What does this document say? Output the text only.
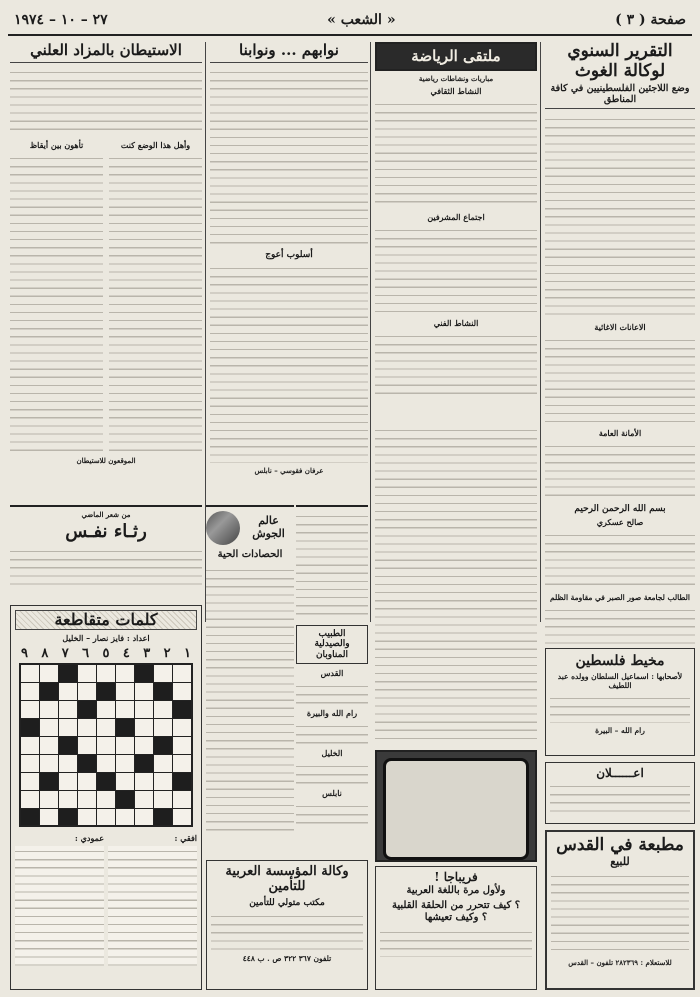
صفحة ( ٣ )
« الشعب »
٢٧ – ١٠ – ١٩٧٤
التقرير السنوي لوكالة الغوث
وضع اللاجئين الفلسطينيين في كافة المناطق
الاعانات الاغاثية
الأمانة العامة
بسم الله الرحمن الرحيم
صالح عسكري
الطالب لجامعة صور الصبر في مقاومة الظلم
ملتقى الرياضة
مباريات ونشاطات رياضية
النشاط الثقافي
اجتماع المشرفين
النشاط الفني
نوابهم ... ونوابنا
أسلوب أعوج
عرفان فقوسي – نابلس
الاستيطان بالمزاد العلني
وأهل هذا الوضع كنت
تأهون بين أيقاظ
الموقعون للاستيطان
من شعر الماضي
رثـاء نفـس
كلمات متقاطعة
اعداد : فايز نصار – الخليل
٩ ٨ ٧ ٦ ٥ ٤ ٣ ٢ ١
افقي :
عمودي :
عالم الجوش
الحصادات الحية
الطبيب والصيدلية المناوبان
القدس
رام الله والبيرة
الخليل
نابلس
وكالة المؤسسة العربية للتأمين
مكتب متولي للتأمين
تلفون ٣٦٧ ٣٢٢ ص . ب ٤٤٨
فريباجا !
ولأول مرة باللغة العربية
؟ كيف تتحرر من الحلقة القلبية
؟ وكيف تعيشها
مخيط فلسطين
لأصحابها : اسماعيل السلطان وولده عبد اللطيف
رام الله – البيرة
اعــــــلان
مطبعة في القدس
للبيع
للاستعلام : ٢٨٢٣٦٩ تلفون – القدس
